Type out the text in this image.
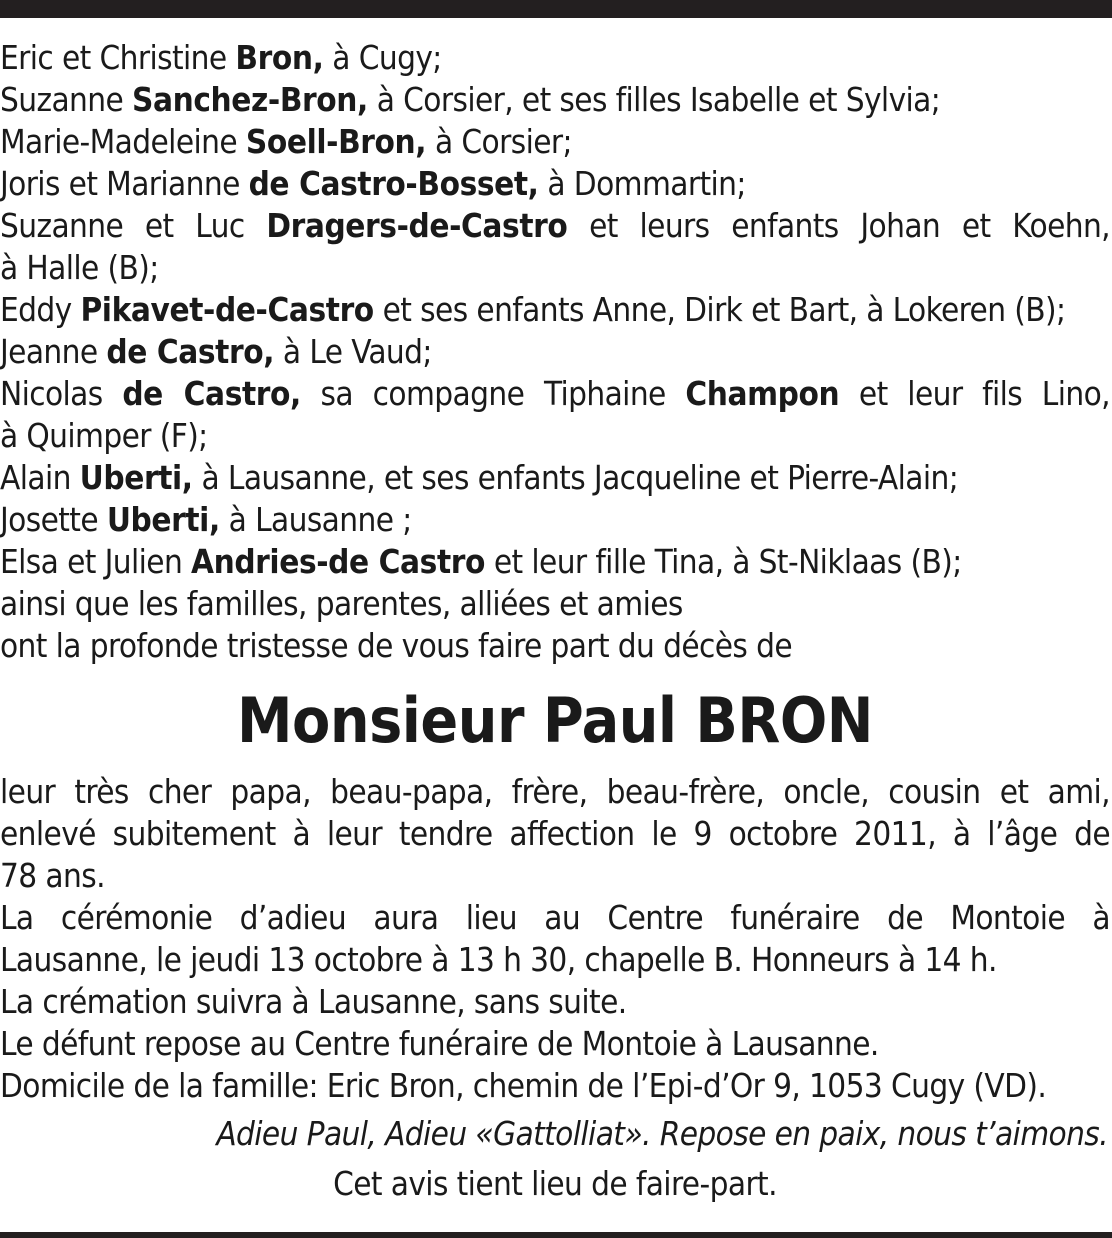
Eric et Christine Bron, à Cugy;
Suzanne Sanchez-Bron, à Corsier, et ses filles Isabelle et Sylvia;
Marie-Madeleine Soell-Bron, à Corsier;
Joris et Marianne de Castro-Bosset, à Dommartin;
Suzanne et Luc Dragers-de-Castro et leurs enfants Johan et Koehn,
à Halle (B);
Eddy Pikavet-de-Castro et ses enfants Anne, Dirk et Bart, à Lokeren (B);
Jeanne de Castro, à Le Vaud;
Nicolas de Castro, sa compagne Tiphaine Champon et leur fils Lino,
à Quimper (F);
Alain Uberti, à Lausanne, et ses enfants Jacqueline et Pierre-Alain;
Josette Uberti, à Lausanne ;
Elsa et Julien Andries-de Castro et leur fille Tina, à St-Niklaas (B);
ainsi que les familles, parentes, alliées et amies
ont la profonde tristesse de vous faire part du décès de
Monsieur Paul BRON
leur très cher papa, beau-papa, frère, beau-frère, oncle, cousin et ami,
enlevé subitement à leur tendre affection le 9 octobre 2011, à l’âge de
78 ans.
La cérémonie d’adieu aura lieu au Centre funéraire de Montoie à
Lausanne, le jeudi 13 octobre à 13 h 30, chapelle B. Honneurs à 14 h.
La crémation suivra à Lausanne, sans suite.
Le défunt repose au Centre funéraire de Montoie à Lausanne.
Domicile de la famille: Eric Bron, chemin de l’Epi-d’Or 9, 1053 Cugy (VD).
Adieu Paul, Adieu «Gattolliat». Repose en paix, nous t’aimons.
Cet avis tient lieu de faire-part.
